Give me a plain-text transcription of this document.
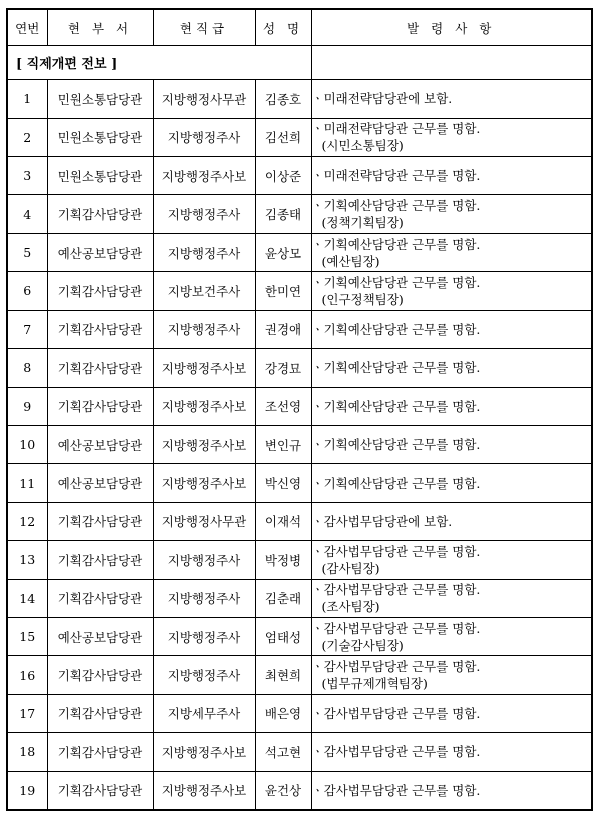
연번	현 부 서	현직급	성 명	발 령 사 항
[ 직제개편 전보 ]				
1	민원소통담당관	지방행정사무관	김종호	ㆍ미래전략담당관에 보함.

2	민원소통담당관	지방행정주사	김선희	ㆍ미래전략담당관 근무를 명함.
(시민소통팀장)

3	민원소통담당관	지방행정주사보	이상준	ㆍ미래전략담당관 근무를 명함.

4	기획감사담당관	지방행정주사	김종태	ㆍ기획예산담당관 근무를 명함.
(정책기획팀장)

5	예산공보담당관	지방행정주사	윤상모	ㆍ기획예산담당관 근무를 명함.
(예산팀장)

6	기획감사담당관	지방보건주사	한미연	ㆍ기획예산담당관 근무를 명함.
(인구정책팀장)

7	기획감사담당관	지방행정주사	권경애	ㆍ기획예산담당관 근무를 명함.

8	기획감사담당관	지방행정주사보	강경묘	ㆍ기획예산담당관 근무를 명함.

9	기획감사담당관	지방행정주사보	조선영	ㆍ기획예산담당관 근무를 명함.

10	예산공보담당관	지방행정주사보	변인규	ㆍ기획예산담당관 근무를 명함.

11	예산공보담당관	지방행정주사보	박신영	ㆍ기획예산담당관 근무를 명함.

12	기획감사담당관	지방행정사무관	이재석	ㆍ감사법무담당관에 보함.

13	기획감사담당관	지방행정주사	박정병	ㆍ감사법무담당관 근무를 명함.
(감사팀장)

14	기획감사담당관	지방행정주사	김춘래	ㆍ감사법무담당관 근무를 명함.
(조사팀장)

15	예산공보담당관	지방행정주사	엄태성	ㆍ감사법무담당관 근무를 명함.
(기술감사팀장)

16	기획감사담당관	지방행정주사	최현희	ㆍ감사법무담당관 근무를 명함.
(법무규제개혁팀장)

17	기획감사담당관	지방세무주사	배은영	ㆍ감사법무담당관 근무를 명함.

18	기획감사담당관	지방행정주사보	석고현	ㆍ감사법무담당관 근무를 명함.

19	기획감사담당관	지방행정주사보	윤건상	ㆍ감사법무담당관 근무를 명함.
